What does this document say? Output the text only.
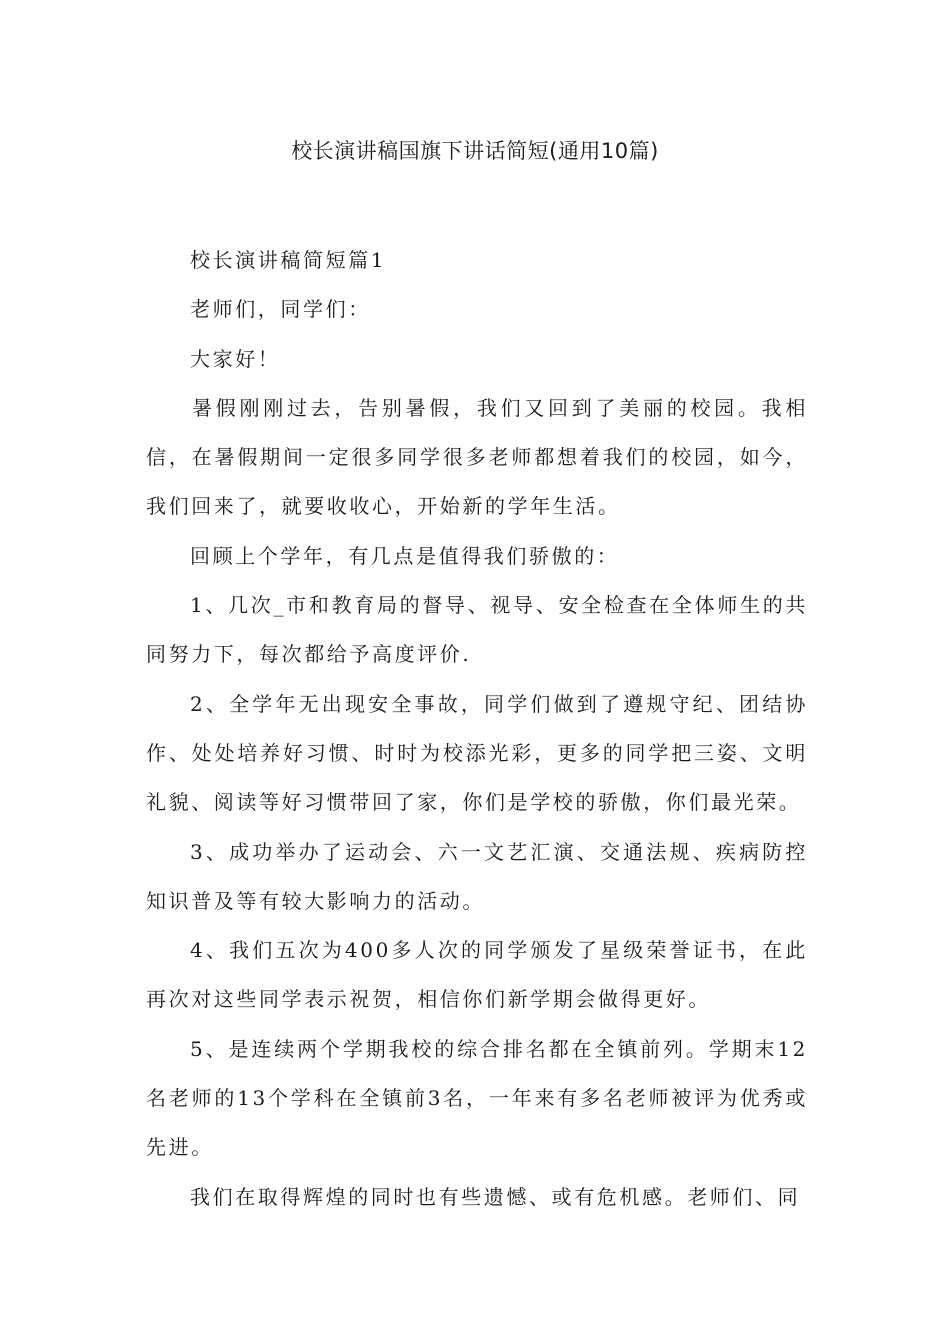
校长演讲稿国旗下讲话简短(通用10篇)

校长演讲稿简短篇1

老师们，同学们：

大家好！

暑假刚刚过去，告别暑假，我们又回到了美丽的校园。我相信，在暑假期间一定很多同学很多老师都想着我们的校园，如今，我们回来了，就要收收心，开始新的学年生活。

回顾上个学年，有几点是值得我们骄傲的：

1、几次_市和教育局的督导、视导、安全检查在全体师生的共同努力下，每次都给予高度评价.

2、全学年无出现安全事故，同学们做到了遵规守纪、团结协作、处处培养好习惯、时时为校添光彩，更多的同学把三姿、文明礼貌、阅读等好习惯带回了家，你们是学校的骄傲，你们最光荣。

3、成功举办了运动会、六一文艺汇演、交通法规、疾病防控知识普及等有较大影响力的活动。

4、我们五次为400多人次的同学颁发了星级荣誉证书，在此再次对这些同学表示祝贺，相信你们新学期会做得更好。

5、是连续两个学期我校的综合排名都在全镇前列。学期末12名老师的13个学科在全镇前3名，一年来有多名老师被评为优秀或先进。

我们在取得辉煌的同时也有些遗憾、或有危机感。老师们、同
